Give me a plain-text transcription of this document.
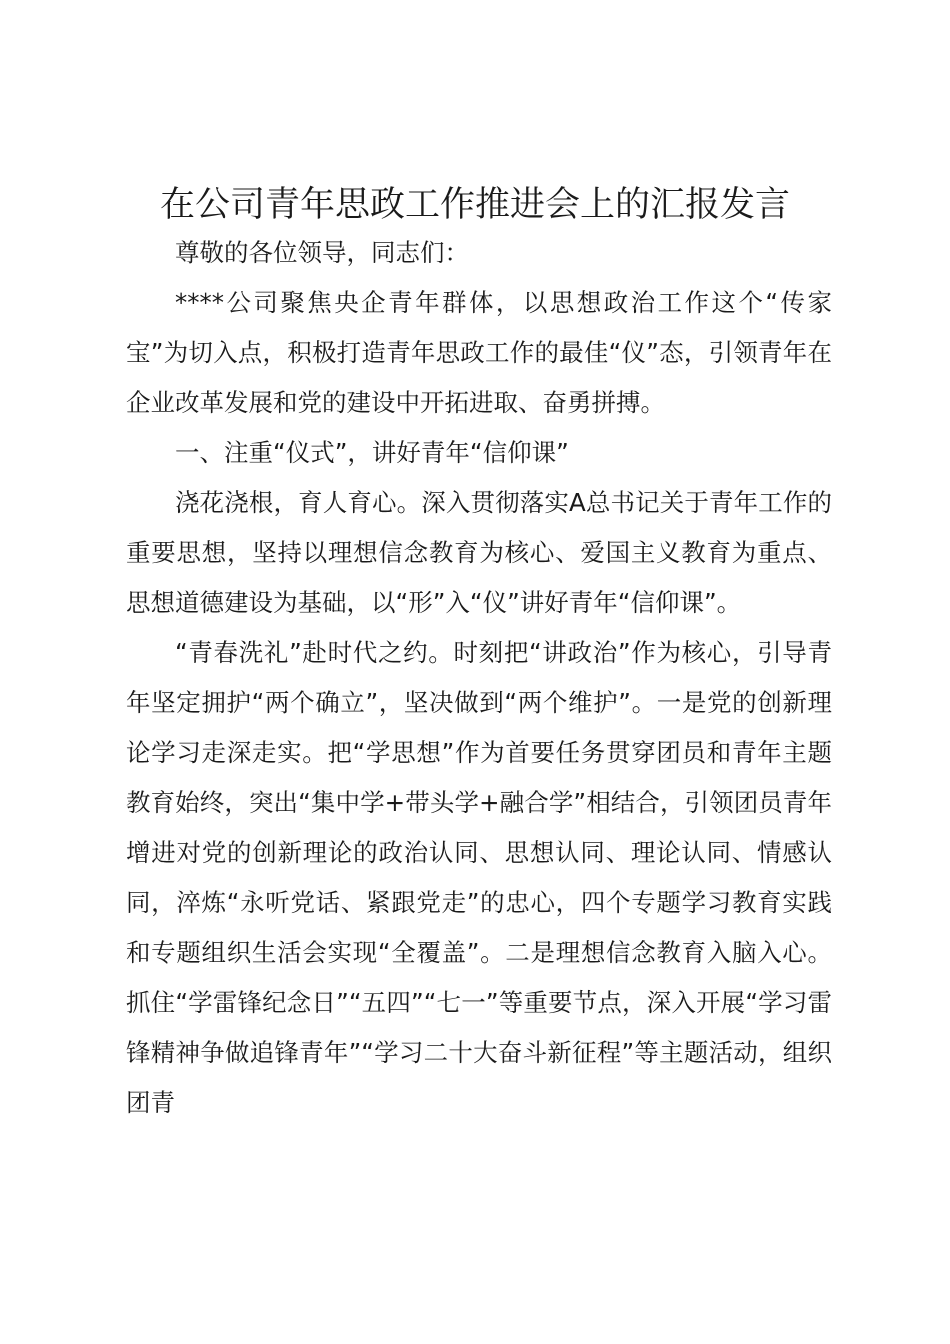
在公司青年思政工作推进会上的汇报发言

尊敬的各位领导，同志们：

****公司聚焦央企青年群体，以思想政治工作这个“传家宝”为切入点，积极打造青年思政工作的最佳“仪”态，引领青年在企业改革发展和党的建设中开拓进取、奋勇拼搏。

一、注重“仪式”，讲好青年“信仰课”

浇花浇根，育人育心。深入贯彻落实A总书记关于青年工作的重要思想，坚持以理想信念教育为核心、爱国主义教育为重点、思想道德建设为基础，以“形”入“仪”讲好青年“信仰课”。

“青春洗礼”赴时代之约。时刻把“讲政治”作为核心，引导青年坚定拥护“两个确立”，坚决做到“两个维护”。一是党的创新理论学习走深走实。把“学思想”作为首要任务贯穿团员和青年主题教育始终，突出“集中学+带头学+融合学”相结合，引领团员青年增进对党的创新理论的政治认同、思想认同、理论认同、情感认同，淬炼“永听党话、紧跟党走”的忠心，四个专题学习教育实践和专题组织生活会实现“全覆盖”。二是理想信念教育入脑入心。抓住“学雷锋纪念日”“五四”“七一”等重要节点，深入开展“学习雷锋精神争做追锋青年”“学习二十大奋斗新征程”等主题活动，组织团青
